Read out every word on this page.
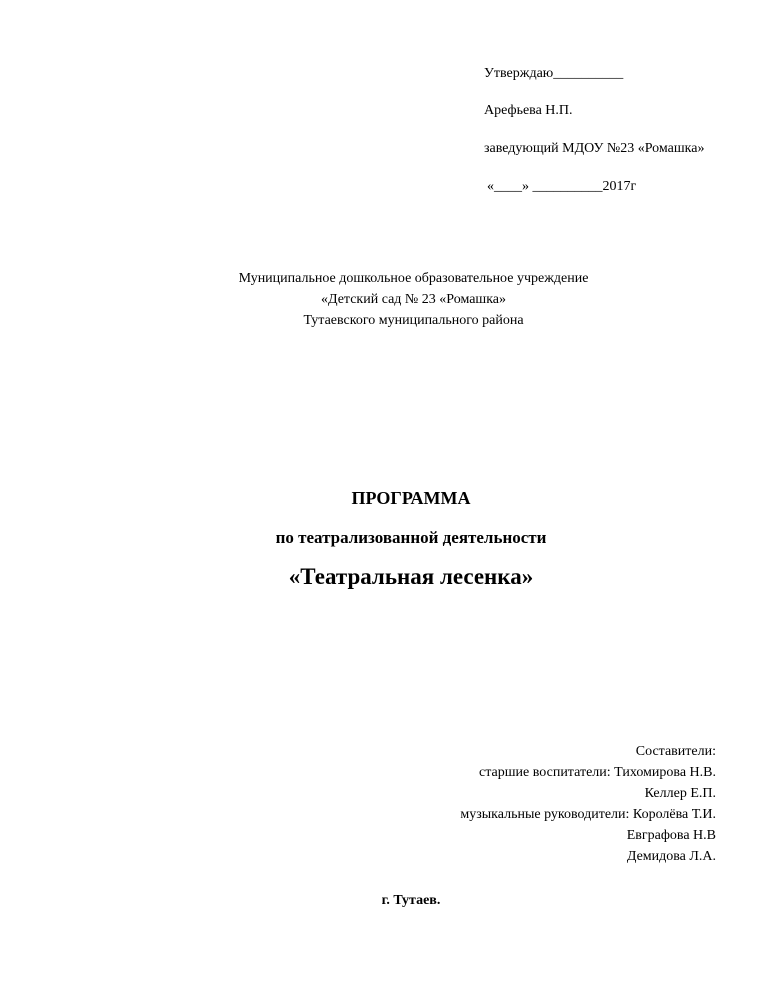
Утверждаю__________
Арефьева Н.П.
заведующий МДОУ №23 «Ромашка»
«____» __________2017г
Муниципальное дошкольное образовательное учреждение
«Детский сад № 23 «Ромашка»
Тутаевского муниципального района
ПРОГРАММА
по театрализованной деятельности
«Театральная лесенка»
Составители:
старшие воспитатели: Тихомирова Н.В.
Келлер Е.П.
музыкальные руководители: Королёва Т.И.
Евграфова Н.В
Демидова Л.А.
г. Тутаев.
